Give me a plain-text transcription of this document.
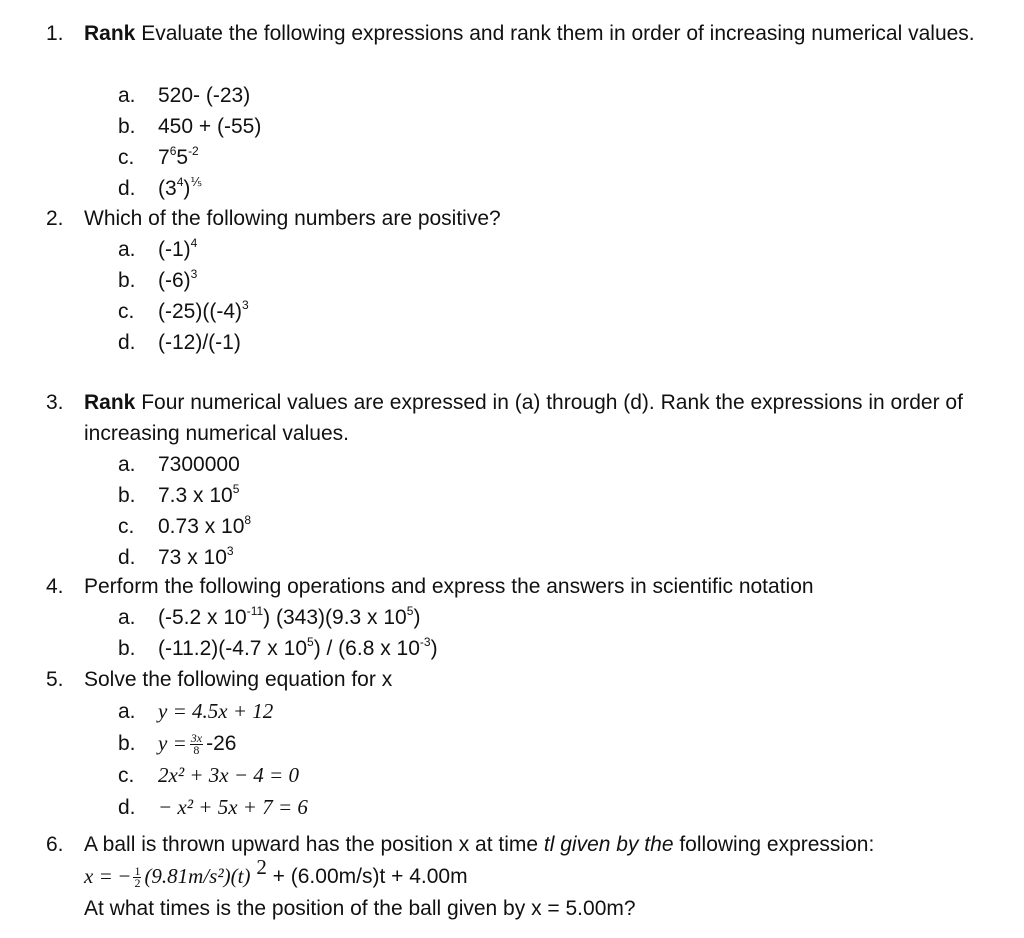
1. Rank Evaluate the following expressions and rank them in order of increasing numerical values.
a. 520- (-23)
b. 450 + (-55)
c. $7^65^{-2}$
d. $(3^4)^{\frac{1}{5}}$
2. Which of the following numbers are positive?
a. $(-1)^4$
b. $(-6)^3$
c. $(-25)((-4)^3$
d. (-12)/(-1)
3. Rank Four numerical values are expressed in (a) through (d). Rank the expressions in order of increasing numerical values.
a. 7300000
b. 7.3 x $10^5$
c. 0.73 x $10^8$
d. 73 x $10^3$
4. Perform the following operations and express the answers in scientific notation
a. (-5.2 x $10^{-11}$) (343)(9.3 x $10^5$)
b. (-11.2)(-4.7 x $10^5) / (6.8$ x $10^{-3}$)
5. Solve the following equation for x
a. y = 4.5x + 12
b. $y = \frac{3x}{8} -26$
c. 2x² + 3x − 4 = 0
d. − x² + 5x + 7 = 6
6. A ball is thrown upward has the position x at time tl given by the following expression:
x = − $\frac{1}{2} (9.81m/s^2)(t) ^2 + (6.00m/s)t + 4.00m$
At what times is the position of the ball given by x = 5.00m?
